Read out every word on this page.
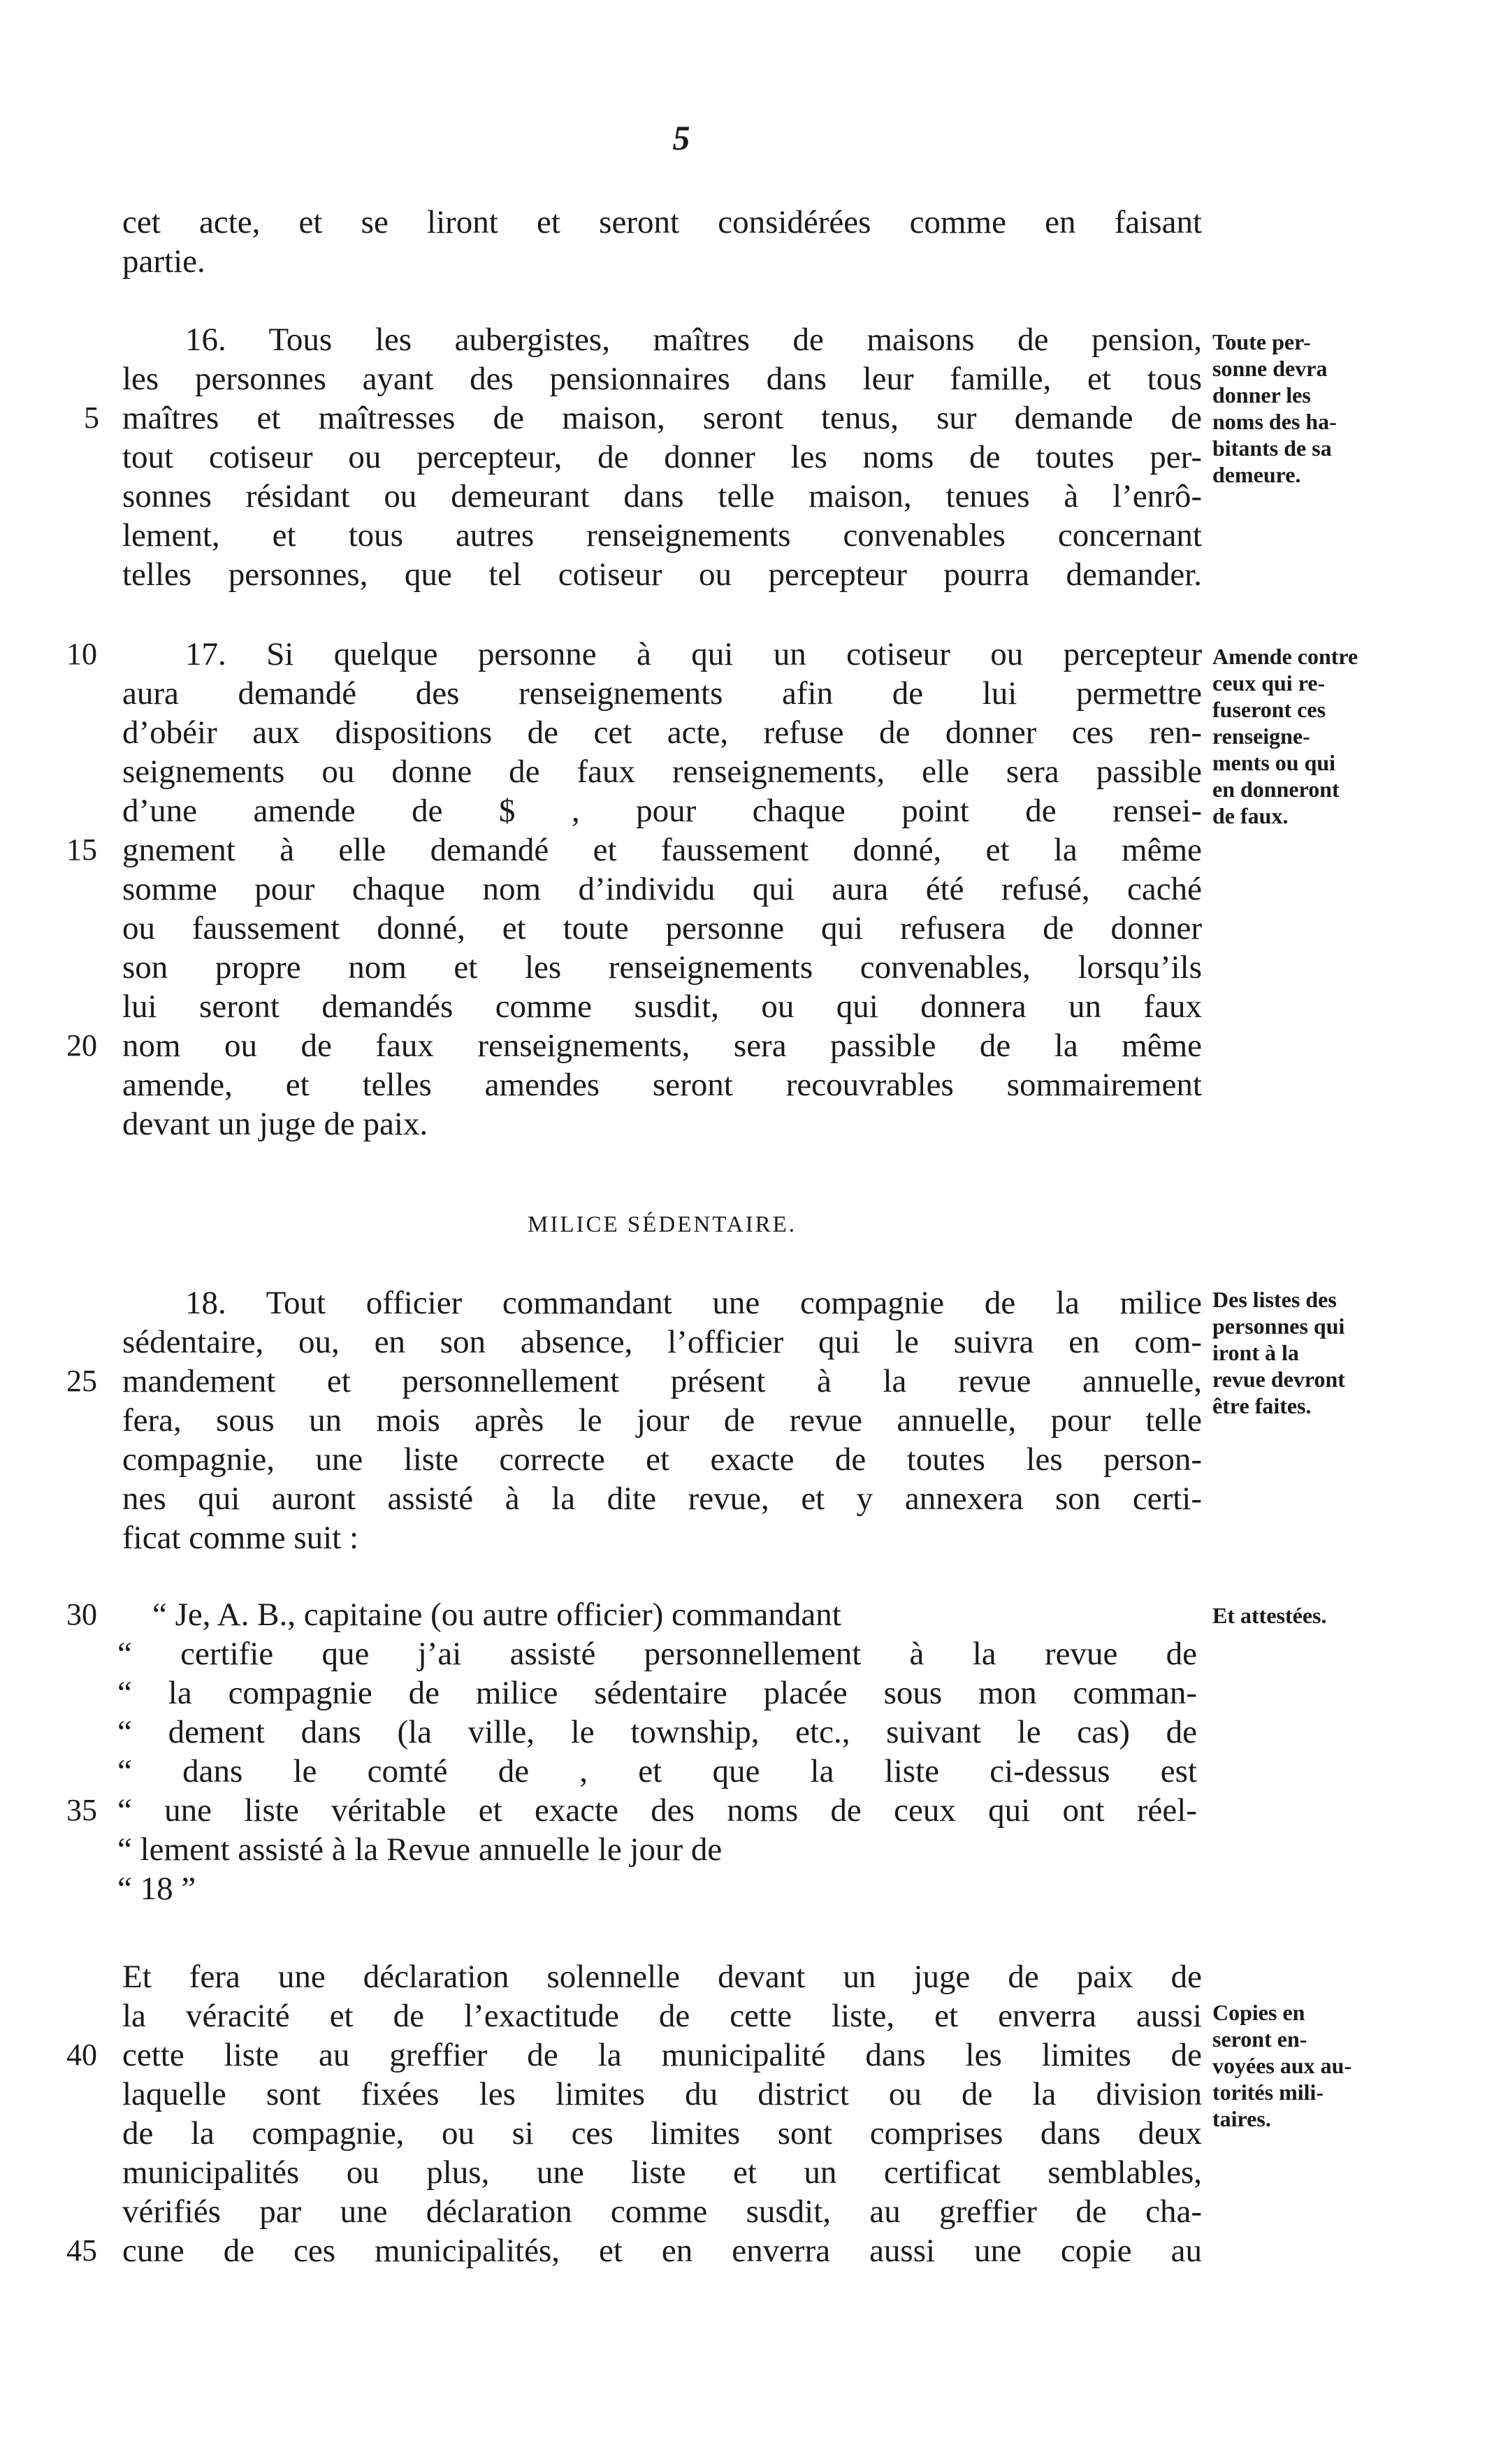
5
cet acte, et se liront et seront considérées comme en faisant
partie.
16. Tous les aubergistes, maîtres de maisons de pension,
les personnes ayant des pensionnaires dans leur famille, et tous
maîtres et maîtresses de maison, seront tenus, sur demande de
tout cotiseur ou percepteur, de donner les noms de toutes per-
sonnes résidant ou demeurant dans telle maison, tenues à l’enrô-
lement, et tous autres renseignements convenables concernant
telles personnes, que tel cotiseur ou percepteur pourra demander.
17. Si quelque personne à qui un cotiseur ou percepteur
aura demandé des renseignements afin de lui permettre
d’obéir aux dispositions de cet acte, refuse de donner ces ren-
seignements ou donne de faux renseignements, elle sera passible
d’une amende de $ , pour chaque point de rensei-
gnement à elle demandé et faussement donné, et la même
somme pour chaque nom d’individu qui aura été refusé, caché
ou faussement donné, et toute personne qui refusera de donner
son propre nom et les renseignements convenables, lorsqu’ils
lui seront demandés comme susdit, ou qui donnera un faux
nom ou de faux renseignements, sera passible de la même
amende, et telles amendes seront recouvrables sommairement
devant un juge de paix.
MILICE SÉDENTAIRE.
18. Tout officier commandant une compagnie de la milice
sédentaire, ou, en son absence, l’officier qui le suivra en com-
mandement et personnellement présent à la revue annuelle,
fera, sous un mois après le jour de revue annuelle, pour telle
compagnie, une liste correcte et exacte de toutes les person-
nes qui auront assisté à la dite revue, et y annexera son certi-
ficat comme suit :
“ Je, A. B., capitaine (ou autre officier) commandant
“ certifie que j’ai assisté personnellement à la revue de
“ la compagnie de milice sédentaire placée sous mon comman-
“ dement dans (la ville, le township, etc., suivant le cas) de
“ dans le comté de , et que la liste ci-dessus est
“ une liste véritable et exacte des noms de ceux qui ont réel-
“ lement assisté à la Revue annuelle le jour de
“ 18 ”
Et fera une déclaration solennelle devant un juge de paix de
la véracité et de l’exactitude de cette liste, et enverra aussi
cette liste au greffier de la municipalité dans les limites de
laquelle sont fixées les limites du district ou de la division
de la compagnie, ou si ces limites sont comprises dans deux
municipalités ou plus, une liste et un certificat semblables,
vérifiés par une déclaration comme susdit, au greffier de cha-
cune de ces municipalités, et en enverra aussi une copie au
5
10
15
20
25
30
35
40
45
Toute per-
sonne devra
donner les
noms des ha-
bitants de sa
demeure.
Amende contre
ceux qui re-
fuseront ces
renseigne-
ments ou qui
en donneront
de faux.
Des listes des
personnes qui
iront à la
revue devront
être faites.
Et attestées.
Copies en
seront en-
voyées aux au-
torités mili-
taires.
